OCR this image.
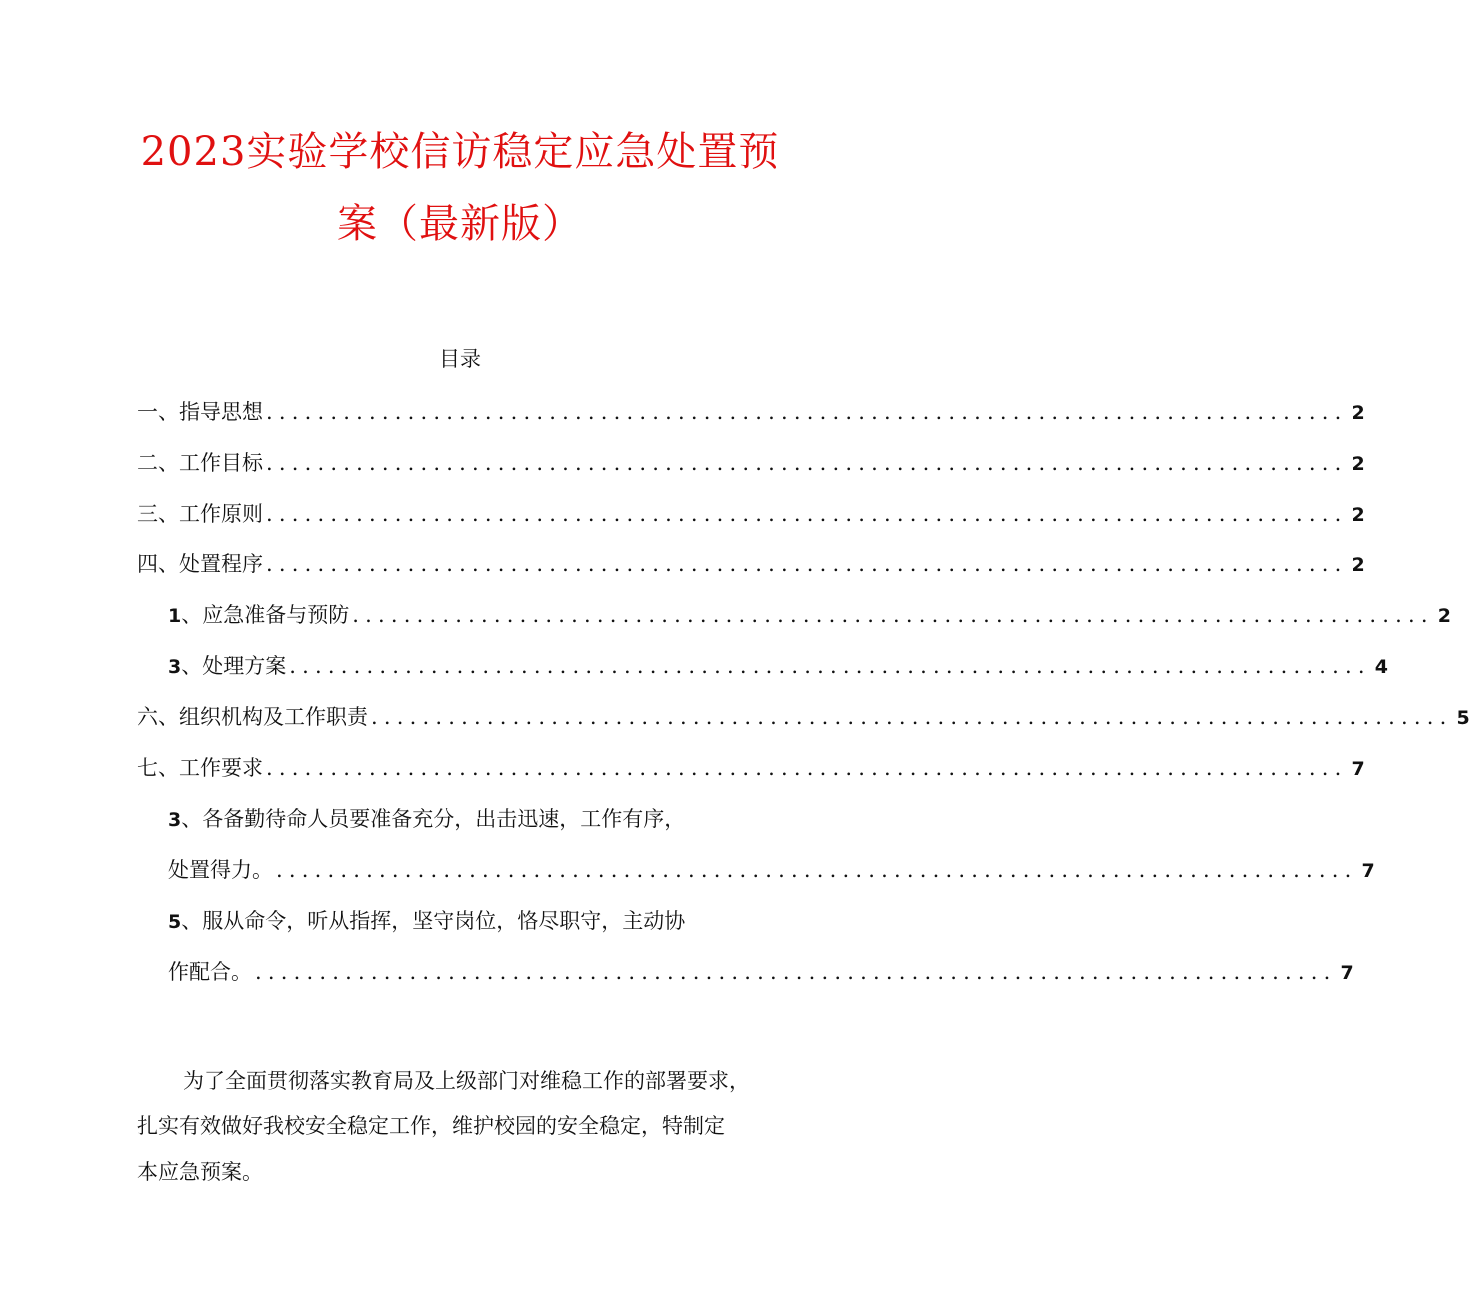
2023实验学校信访稳定应急处置预
案（最新版）
目录
一、指导思想 .................................................................................... 2
二、工作目标 .................................................................................... 2
三、工作原则 .................................................................................... 2
四、处置程序 .................................................................................... 2
1、应急准备与预防 .................................................................................... 2
3、处理方案 .................................................................................... 4
六、组织机构及工作职责 .................................................................................... 5
七、工作要求 .................................................................................... 7
3、各备勤待命人员要准备充分，出击迅速，工作有序，
处置得力。 .................................................................................... 7
5、服从命令，听从指挥，坚守岗位，恪尽职守，主动协
作配合。 .................................................................................... 7
为了全面贯彻落实教育局及上级部门对维稳工作的部署要求，
扎实有效做好我校安全稳定工作，维护校园的安全稳定，特制定
本应急预案。
